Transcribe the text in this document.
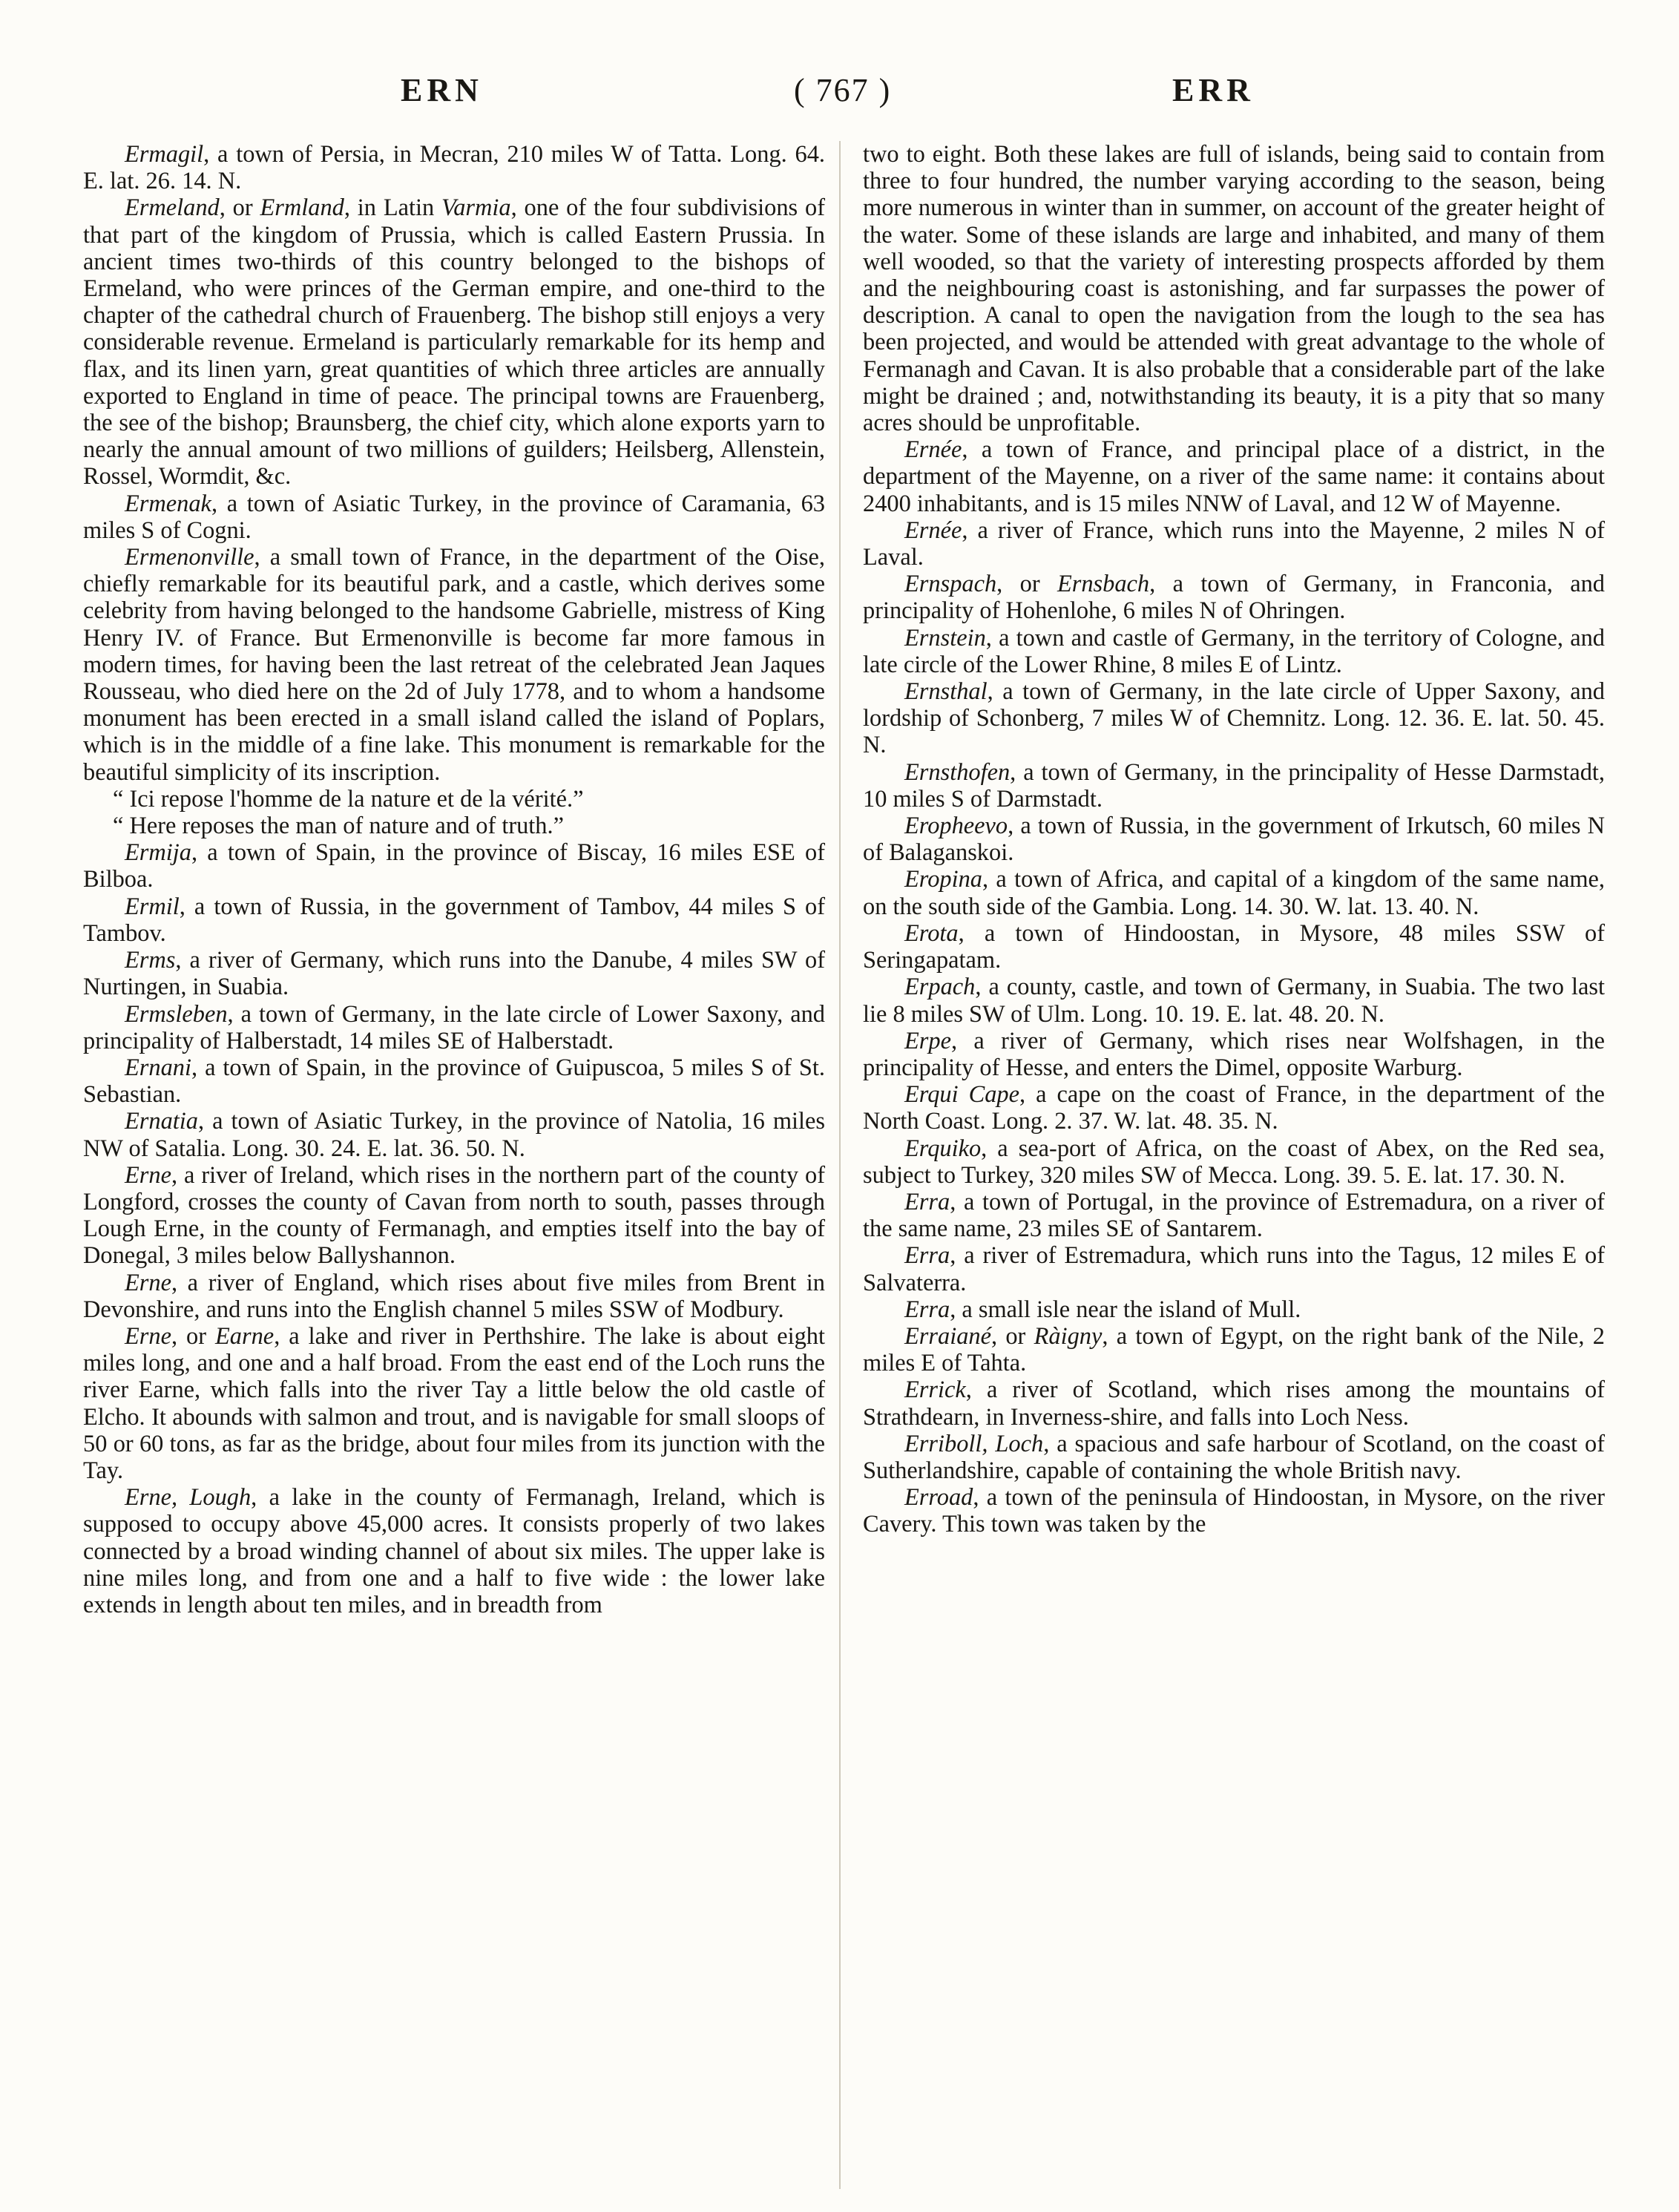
ERN	( 767 )	ERR

Ermagil, a town of Persia, in Mecran, 210 miles W of Tatta. Long. 64. E. lat. 26. 14. N.

Ermeland, or Ermland, in Latin Varmia, one of the four subdivisions of that part of the kingdom of Prussia, which is called Eastern Prussia. In ancient times two-thirds of this country belonged to the bishops of Ermeland, who were princes of the German empire, and one-third to the chapter of the cathedral church of Frauenberg. The bishop still enjoys a very considerable revenue. Ermeland is particularly remarkable for its hemp and flax, and its linen yarn, great quantities of which three articles are annually exported to England in time of peace. The principal towns are Frauenberg, the see of the bishop; Braunsberg, the chief city, which alone exports yarn to nearly the annual amount of two millions of guilders; Heilsberg, Allenstein, Rossel, Wormdit, &c.

Ermenak, a town of Asiatic Turkey, in the province of Caramania, 63 miles S of Cogni.

Ermenonville, a small town of France, in the department of the Oise, chiefly remarkable for its beautiful park, and a castle, which derives some celebrity from having belonged to the handsome Gabrielle, mistress of King Henry IV. of France. But Ermenonville is become far more famous in modern times, for having been the last retreat of the celebrated Jean Jaques Rousseau, who died here on the 2d of July 1778, and to whom a handsome monument has been erected in a small island called the island of Poplars, which is in the middle of a fine lake. This monument is remarkable for the beautiful simplicity of its inscription.

“ Ici repose l'homme de la nature et de la vérité.”

“ Here reposes the man of nature and of truth.”

Ermija, a town of Spain, in the province of Biscay, 16 miles ESE of Bilboa.

Ermil, a town of Russia, in the government of Tambov, 44 miles S of Tambov.

Erms, a river of Germany, which runs into the Danube, 4 miles SW of Nurtingen, in Suabia.

Ermsleben, a town of Germany, in the late circle of Lower Saxony, and principality of Halberstadt, 14 miles SE of Halberstadt.

Ernani, a town of Spain, in the province of Guipuscoa, 5 miles S of St. Sebastian.

Ernatia, a town of Asiatic Turkey, in the province of Natolia, 16 miles NW of Satalia. Long. 30. 24. E. lat. 36. 50. N.

Erne, a river of Ireland, which rises in the northern part of the county of Longford, crosses the county of Cavan from north to south, passes through Lough Erne, in the county of Fermanagh, and empties itself into the bay of Donegal, 3 miles below Ballyshannon.

Erne, a river of England, which rises about five miles from Brent in Devonshire, and runs into the English channel 5 miles SSW of Modbury.

Erne, or Earne, a lake and river in Perthshire. The lake is about eight miles long, and one and a half broad. From the east end of the Loch runs the river Earne, which falls into the river Tay a little below the old castle of Elcho. It abounds with salmon and trout, and is navigable for small sloops of 50 or 60 tons, as far as the bridge, about four miles from its junction with the Tay.

Erne, Lough, a lake in the county of Fermanagh, Ireland, which is supposed to occupy above 45,000 acres. It consists properly of two lakes connected by a broad winding channel of about six miles. The upper lake is nine miles long, and from one and a half to five wide : the lower lake extends in length about ten miles, and in breadth from

two to eight. Both these lakes are full of islands, being said to contain from three to four hundred, the number varying according to the season, being more numerous in winter than in summer, on account of the greater height of the water. Some of these islands are large and inhabited, and many of them well wooded, so that the variety of interesting prospects afforded by them and the neighbouring coast is astonishing, and far surpasses the power of description. A canal to open the navigation from the lough to the sea has been projected, and would be attended with great advantage to the whole of Fermanagh and Cavan. It is also probable that a considerable part of the lake might be drained ; and, notwithstanding its beauty, it is a pity that so many acres should be unprofitable.

Ernée, a town of France, and principal place of a district, in the department of the Mayenne, on a river of the same name: it contains about 2400 inhabitants, and is 15 miles NNW of Laval, and 12 W of Mayenne.

Ernée, a river of France, which runs into the Mayenne, 2 miles N of Laval.

Ernspach, or Ernsbach, a town of Germany, in Franconia, and principality of Hohenlohe, 6 miles N of Ohringen.

Ernstein, a town and castle of Germany, in the territory of Cologne, and late circle of the Lower Rhine, 8 miles E of Lintz.

Ernsthal, a town of Germany, in the late circle of Upper Saxony, and lordship of Schonberg, 7 miles W of Chemnitz. Long. 12. 36. E. lat. 50. 45. N.

Ernsthofen, a town of Germany, in the principality of Hesse Darmstadt, 10 miles S of Darmstadt.

Eropheevo, a town of Russia, in the government of Irkutsch, 60 miles N of Balaganskoi.

Eropina, a town of Africa, and capital of a kingdom of the same name, on the south side of the Gambia. Long. 14. 30. W. lat. 13. 40. N.

Erota, a town of Hindoostan, in Mysore, 48 miles SSW of Seringapatam.

Erpach, a county, castle, and town of Germany, in Suabia. The two last lie 8 miles SW of Ulm. Long. 10. 19. E. lat. 48. 20. N.

Erpe, a river of Germany, which rises near Wolfshagen, in the principality of Hesse, and enters the Dimel, opposite Warburg.

Erqui Cape, a cape on the coast of France, in the department of the North Coast. Long. 2. 37. W. lat. 48. 35. N.

Erquiko, a sea-port of Africa, on the coast of Abex, on the Red sea, subject to Turkey, 320 miles SW of Mecca. Long. 39. 5. E. lat. 17. 30. N.

Erra, a town of Portugal, in the province of Estremadura, on a river of the same name, 23 miles SE of Santarem.

Erra, a river of Estremadura, which runs into the Tagus, 12 miles E of Salvaterra.

Erra, a small isle near the island of Mull.

Erraiané, or Ràigny, a town of Egypt, on the right bank of the Nile, 2 miles E of Tahta.

Errick, a river of Scotland, which rises among the mountains of Strathdearn, in Inverness-shire, and falls into Loch Ness.

Erriboll, Loch, a spacious and safe harbour of Scotland, on the coast of Sutherlandshire, capable of containing the whole British navy.

Erroad, a town of the peninsula of Hindoostan, in Mysore, on the river Cavery. This town was taken by the
